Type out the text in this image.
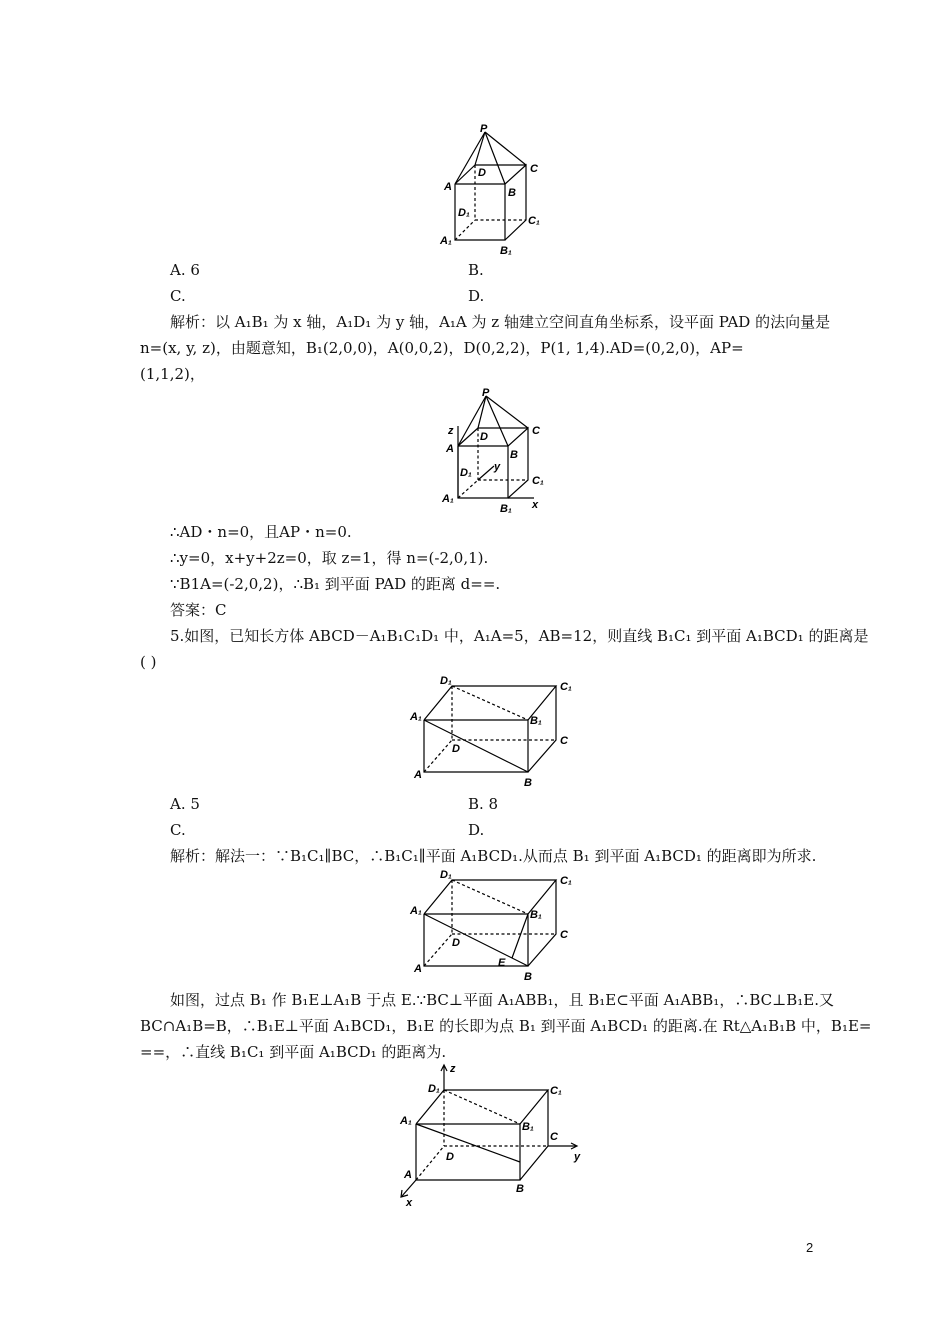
P
A	B
C
D
D₁
C₁
A₁
B₁
A. 6	B.
C.	D.
解析：以 A₁B₁ 为 x 轴，A₁D₁ 为 y 轴，A₁A 为 z 轴建立空间直角坐标系，设平面 PAD 的法向量是
n=(x, y, z)，由题意知，B₁(2,0,0)，A(0,0,2)，D(0,2,2)，P(1, 1,4).AD=(0,2,0)，AP=
(1,1,2)，
P
z
A
D	C
B
D₁ y
C₁
A₁
B₁ x
∴AD・n=0，且AP・n=0.
∴y=0，x+y+2z=0，取 z=1，得 n=(-2,0,1).
∵B1A=(-2,0,2)，∴B₁ 到平面 PAD 的距离 d==.
答案：C
5.如图，已知长方体 ABCD－A₁B₁C₁D₁ 中，A₁A=5，AB=12，则直线 B₁C₁ 到平面 A₁BCD₁ 的距离是
( )
D₁	C₁
A₁	B₁
D
C
A
B
A. 5	B. 8
C.	D.
解析：解法一：∵B₁C₁∥BC，∴B₁C₁∥平面 A₁BCD₁.从而点 B₁ 到平面 A₁BCD₁ 的距离即为所求.
D₁	C₁
A₁	B₁
D
C
E
A
B
如图，过点 B₁ 作 B₁E⊥A₁B 于点 E.∵BC⊥平面 A₁ABB₁，且 B₁E⊂平面 A₁ABB₁，∴BC⊥B₁E.又
BC∩A₁B=B，∴B₁E⊥平面 A₁BCD₁，B₁E 的长即为点 B₁ 到平面 A₁BCD₁ 的距离.在 Rt△A₁B₁B 中，B₁E=
==，∴直线 B₁C₁ 到平面 A₁BCD₁ 的距离为.
z
D₁	C₁
A₁	B₁
C
y
D
A
B
x
2
